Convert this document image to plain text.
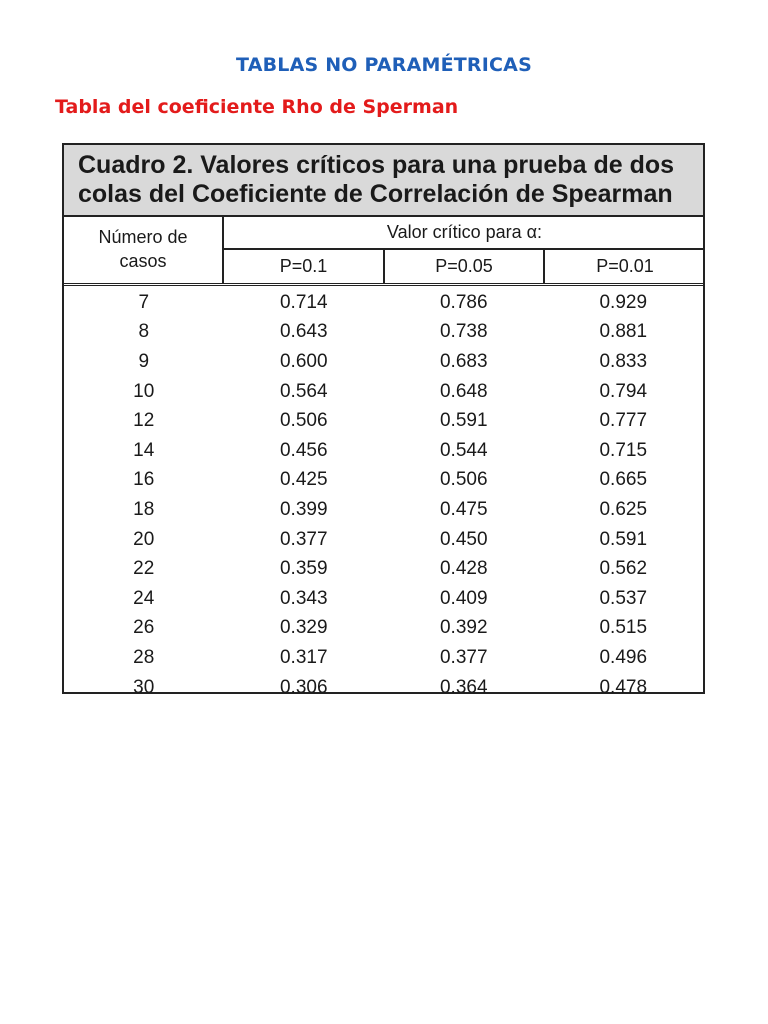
TABLAS NO PARAMÉTRICAS
Tabla del coeficiente Rho de Sperman
Cuadro 2. Valores críticos para una prueba de dos
colas del Coeficiente de Correlación de Spearman
Número de
casos
Valor crítico para α:
P=0.1	P=0.05	P=0.01
7	0.714	0.786	0.929
8	0.643	0.738	0.881
9	0.600	0.683	0.833
10	0.564	0.648	0.794
12	0.506	0.591	0.777
14	0.456	0.544	0.715
16	0.425	0.506	0.665
18	0.399	0.475	0.625
20	0.377	0.450	0.591
22	0.359	0.428	0.562
24	0.343	0.409	0.537
26	0.329	0.392	0.515
28	0.317	0.377	0.496
30	0.306	0.364	0.478
